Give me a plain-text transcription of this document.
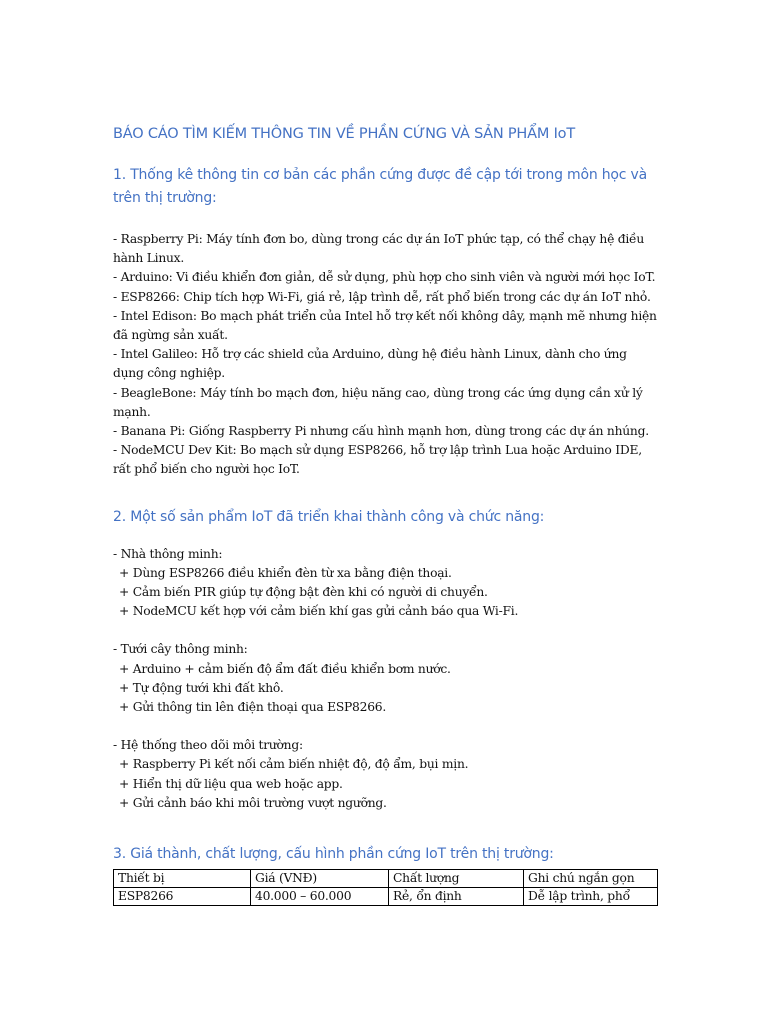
BÁO CÁO TÌM KIẾM THÔNG TIN VỀ PHẦN CỨNG VÀ SẢN PHẨM IoT
1. Thống kê thông tin cơ bản các phần cứng được đề cập tới trong môn học và trên thị trường:

- Raspberry Pi: Máy tính đơn bo, dùng trong các dự án IoT phức tạp, có thể chạy hệ điều hành Linux.

- Arduino: Vi điều khiển đơn giản, dễ sử dụng, phù hợp cho sinh viên và người mới học IoT.

- ESP8266: Chip tích hợp Wi-Fi, giá rẻ, lập trình dễ, rất phổ biến trong các dự án IoT nhỏ.

- Intel Edison: Bo mạch phát triển của Intel hỗ trợ kết nối không dây, mạnh mẽ nhưng hiện đã ngừng sản xuất.

- Intel Galileo: Hỗ trợ các shield của Arduino, dùng hệ điều hành Linux, dành cho ứng dụng công nghiệp.

- BeagleBone: Máy tính bo mạch đơn, hiệu năng cao, dùng trong các ứng dụng cần xử lý mạnh.

- Banana Pi: Giống Raspberry Pi nhưng cấu hình mạnh hơn, dùng trong các dự án nhúng.

- NodeMCU Dev Kit: Bo mạch sử dụng ESP8266, hỗ trợ lập trình Lua hoặc Arduino IDE, rất phổ biến cho người học IoT.

2. Một số sản phẩm IoT đã triển khai thành công và chức năng:

- Nhà thông minh:

+ Dùng ESP8266 điều khiển đèn từ xa bằng điện thoại.

+ Cảm biến PIR giúp tự động bật đèn khi có người di chuyển.

+ NodeMCU kết hợp với cảm biến khí gas gửi cảnh báo qua Wi-Fi.

- Tưới cây thông minh:

+ Arduino + cảm biến độ ẩm đất điều khiển bơm nước.

+ Tự động tưới khi đất khô.

+ Gửi thông tin lên điện thoại qua ESP8266.

- Hệ thống theo dõi môi trường:

+ Raspberry Pi kết nối cảm biến nhiệt độ, độ ẩm, bụi mịn.

+ Hiển thị dữ liệu qua web hoặc app.

+ Gửi cảnh báo khi môi trường vượt ngưỡng.

3. Giá thành, chất lượng, cấu hình phần cứng IoT trên thị trường:
Thiết bị	Giá (VNĐ)	Chất lượng	Ghi chú ngắn gọn
ESP8266	40.000 – 60.000	Rẻ, ổn định	Dễ lập trình, phổ
